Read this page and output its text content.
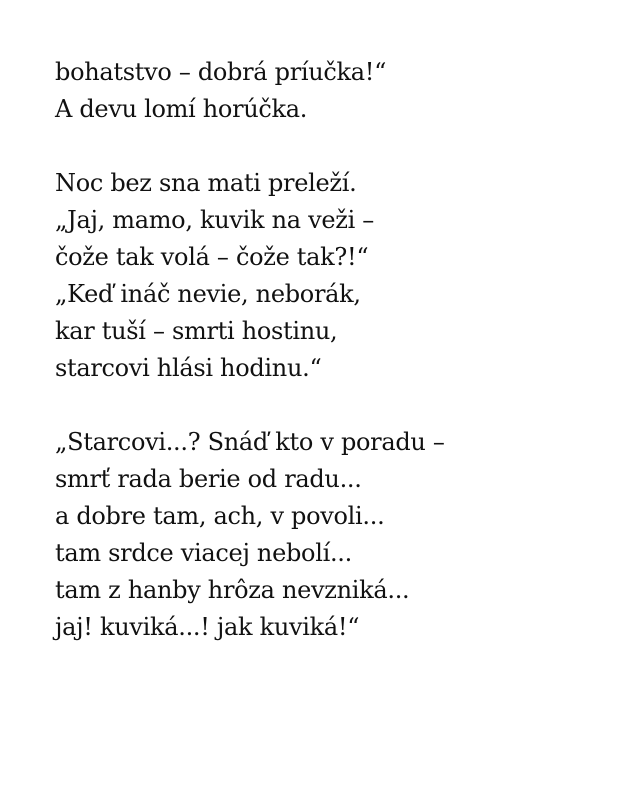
bohatstvo – dobrá príučka!“
A devu lomí horúčka.
Noc bez sna mati preleží.
„Jaj, mamo, kuvik na veži –
čože tak volá – čože tak?!“
„Keď ináč nevie, neborák,
kar tuší – smrti hostinu,
starcovi hlási hodinu.“
„Starcovi...? Snáď kto v poradu –
smrť rada berie od radu...
a dobre tam, ach, v povoli...
tam srdce viacej nebolí...
tam z hanby hrôza nevzniká...
jaj! kuviká...! jak kuviká!“
